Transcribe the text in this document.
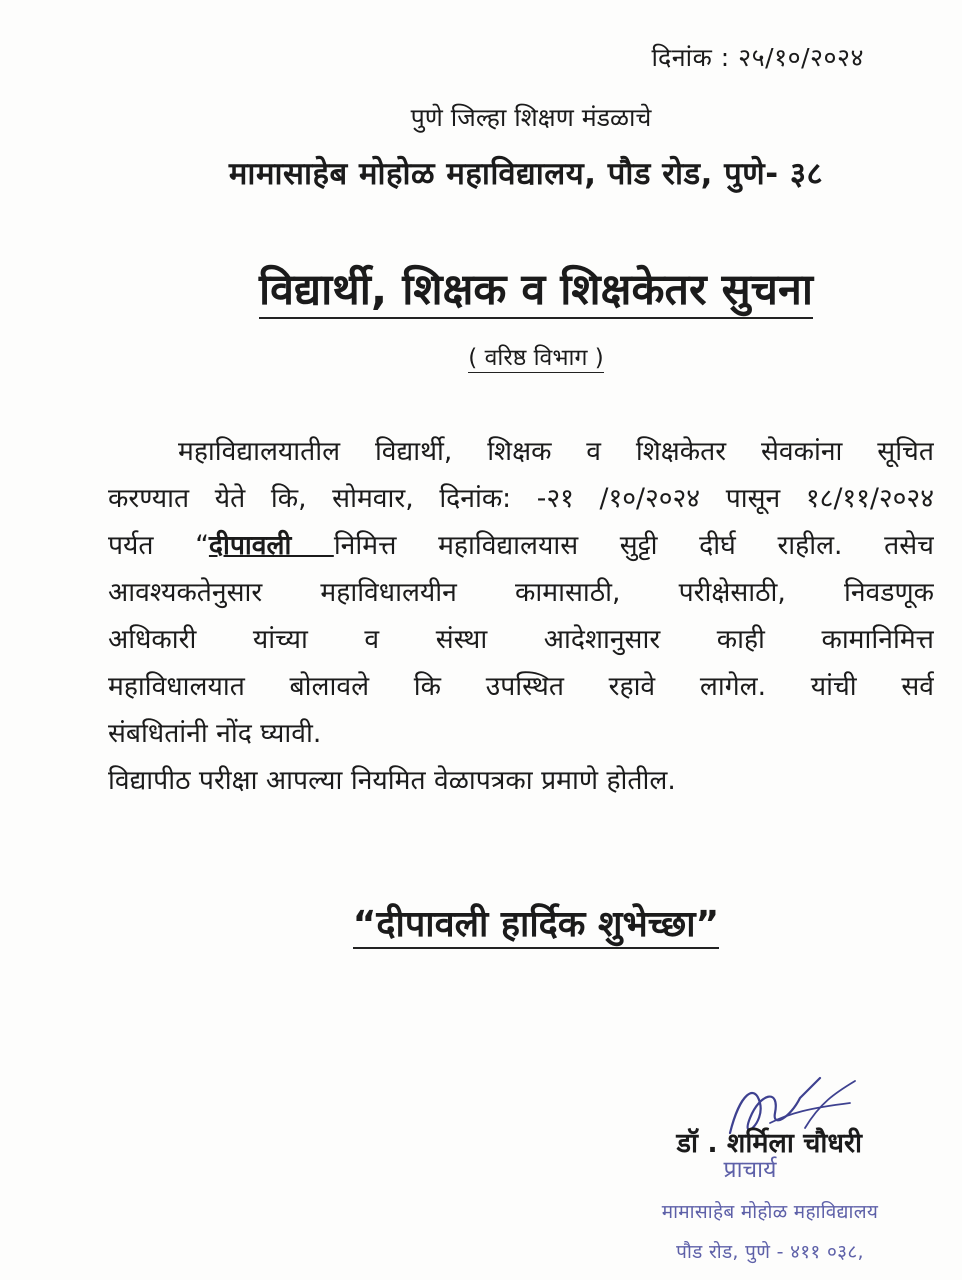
दिनांक : २५/१०/२०२४
पुणे जिल्हा शिक्षण मंडळाचे
मामासाहेब मोहोळ महाविद्यालय, पौड रोड, पुणे- ३८
विद्यार्थी, शिक्षक व शिक्षकेतर सुचना
( वरिष्ठ विभाग )
महाविद्यालयातील विद्यार्थी, शिक्षक व शिक्षकेतर सेवकांना सूचित
करण्यात येते कि, सोमवार, दिनांक: -२१ /१०/२०२४ पासून १८/११/२०२४
पर्यत “दीपावली निमित्त महाविद्यालयास सुट्टी दीर्घ राहील. तसेच
आवश्यकतेनुसार महाविधालयीन कामासाठी, परीक्षेसाठी, निवडणूक
अधिकारी यांच्या व संस्था आदेशानुसार काही कामानिमित्त
महाविधालयात बोलावले कि उपस्थित रहावे लागेल. यांची सर्व
संबधितांनी नोंद घ्यावी.
विद्यापीठ परीक्षा आपल्या नियमित वेळापत्रका प्रमाणे होतील.
“दीपावली हार्दिक शुभेच्छा”
डॉ . शर्मिला चौधरी
प्राचार्य
मामासाहेब मोहोळ महाविद्यालय
पौड रोड, पुणे - ४११ ०३८,
